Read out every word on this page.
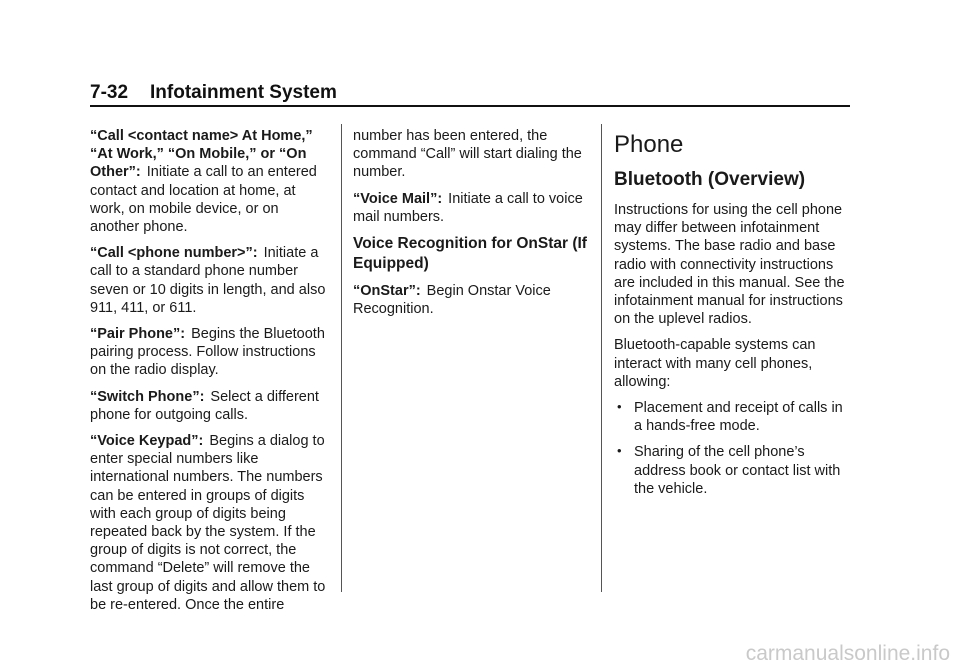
7-32 Infotainment System

“Call <contact name> At Home,” “At Work,” “On Mobile,” or “On Other”: Initiate a call to an entered contact and location at home, at work, on mobile device, or on another phone.

“Call <phone number>”: Initiate a call to a standard phone number seven or 10 digits in length, and also 911, 411, or 611.

“Pair Phone”: Begins the Bluetooth pairing process. Follow instructions on the radio display.

“Switch Phone”: Select a different phone for outgoing calls.

“Voice Keypad”: Begins a dialog to enter special numbers like international numbers. The numbers can be entered in groups of digits with each group of digits being repeated back by the system. If the group of digits is not correct, the command “Delete” will remove the last group of digits and allow them to be re-entered. Once the entire

number has been entered, the command “Call” will start dialing the number.

“Voice Mail”: Initiate a call to voice mail numbers.

Voice Recognition for OnStar (If Equipped)

“OnStar”: Begin Onstar Voice Recognition.

Phone
Bluetooth (Overview)

Instructions for using the cell phone may differ between infotainment systems. The base radio and base radio with connectivity instructions are included in this manual. See the infotainment manual for instructions on the uplevel radios.

Bluetooth-capable systems can interact with many cell phones, allowing:

• Placement and receipt of calls in a hands-free mode.
• Sharing of the cell phone’s address book or contact list with the vehicle.
carmanualsonline.info
